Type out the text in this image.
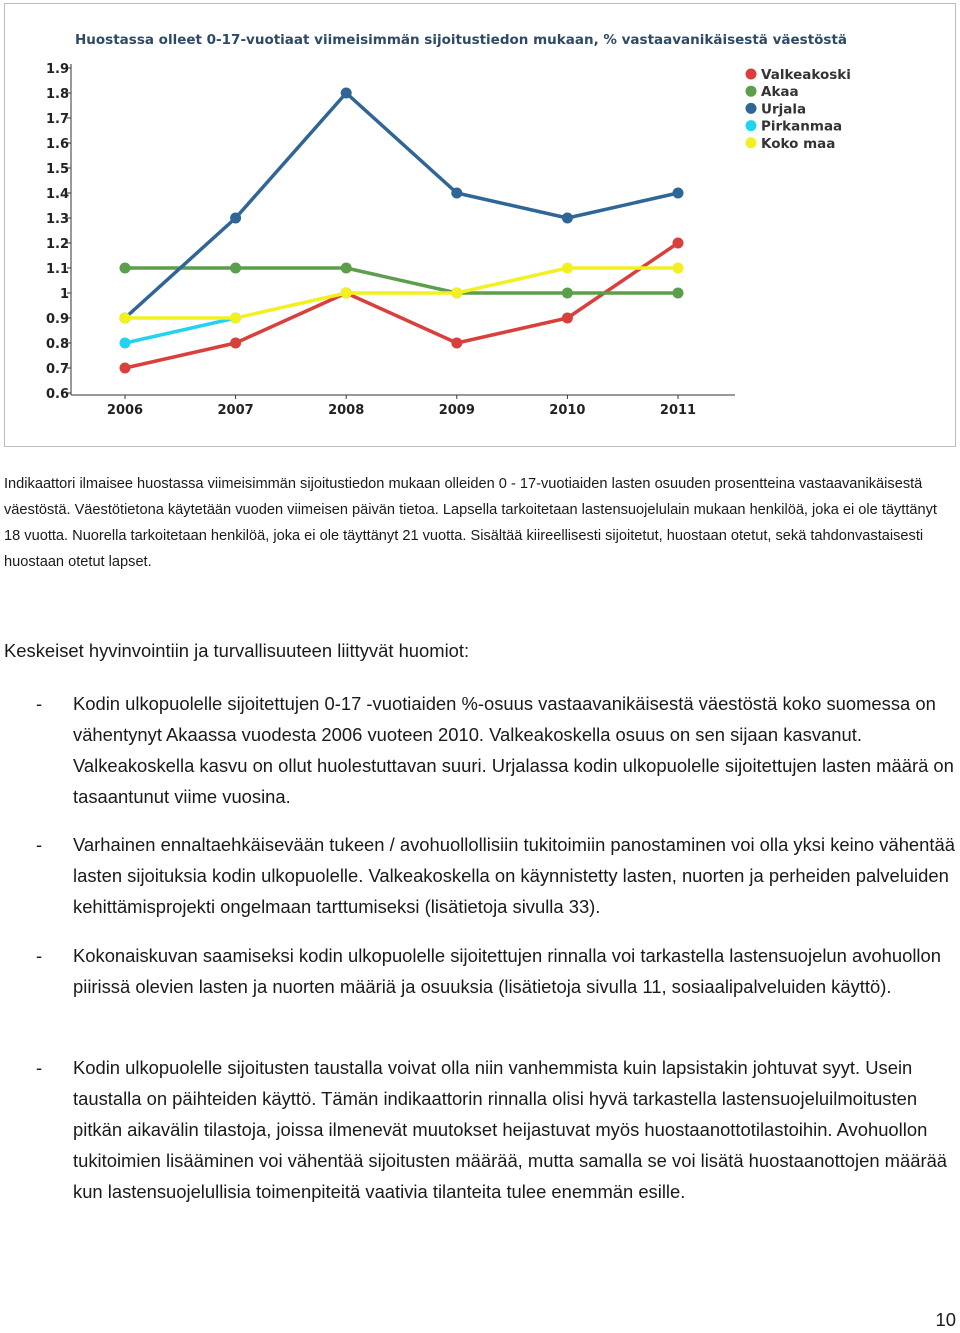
Huostassa olleet 0-17-vuotiaat viimeisimmän sijoitustiedon mukaan, % vastaavanikäisestä väestöstä
0.6
0.7
0.8
0.9
1
1.1
1.2
1.3
1.4
1.5
1.6
1.7
1.8
1.9
2006	2007	2008	2009	2010	2011
Valkeakoski
Akaa
Urjala
Pirkanmaa
Koko maa
Indikaattori ilmaisee huostassa viimeisimmän sijoitustiedon mukaan olleiden 0 - 17-vuotiaiden lasten osuuden prosentteina vastaavanikäisestä väestöstä. Väestötietona käytetään vuoden viimeisen päivän tietoa. Lapsella tarkoitetaan lastensuojelulain mukaan henkilöä, joka ei ole täyttänyt 18 vuotta. Nuorella tarkoitetaan henkilöä, joka ei ole täyttänyt 21 vuotta. Sisältää kiireellisesti sijoitetut, huostaan otetut, sekä tahdonvastaisesti huostaan otetut lapset.
Keskeiset hyvinvointiin ja turvallisuuteen liittyvät huomiot:
- Kodin ulkopuolelle sijoitettujen 0-17 -vuotiaiden %-osuus vastaavanikäisestä väestöstä koko suomessa on vähentynyt Akaassa vuodesta 2006 vuoteen 2010. Valkeakoskella osuus on sen sijaan kasvanut. Valkeakoskella kasvu on ollut huolestuttavan suuri. Urjalassa kodin ulkopuolelle sijoitettujen lasten määrä on tasaantunut viime vuosina.
- Varhainen ennaltaehkäisevään tukeen / avohuollollisiin tukitoimiin panostaminen voi olla yksi keino vähentää lasten sijoituksia kodin ulkopuolelle. Valkeakoskella on käynnistetty lasten, nuorten ja perheiden palveluiden kehittämisprojekti ongelmaan tarttumiseksi (lisätietoja sivulla 33).
- Kokonaiskuvan saamiseksi kodin ulkopuolelle sijoitettujen rinnalla voi tarkastella lastensuojelun avohuollon piirissä olevien lasten ja nuorten määriä ja osuuksia (lisätietoja sivulla 11, sosiaalipalveluiden käyttö).
- Kodin ulkopuolelle sijoitusten taustalla voivat olla niin vanhemmista kuin lapsistakin johtuvat syyt. Usein taustalla on päihteiden käyttö. Tämän indikaattorin rinnalla olisi hyvä tarkastella lastensuojeluilmoitusten pitkän aikavälin tilastoja, joissa ilmenevät muutokset heijastuvat myös huostaanottotilastoihin. Avohuollon tukitoimien lisääminen voi vähentää sijoitusten määrää, mutta samalla se voi lisätä huostaanottojen määrää kun lastensuojelullisia toimenpiteitä vaativia tilanteita tulee enemmän esille.
10
